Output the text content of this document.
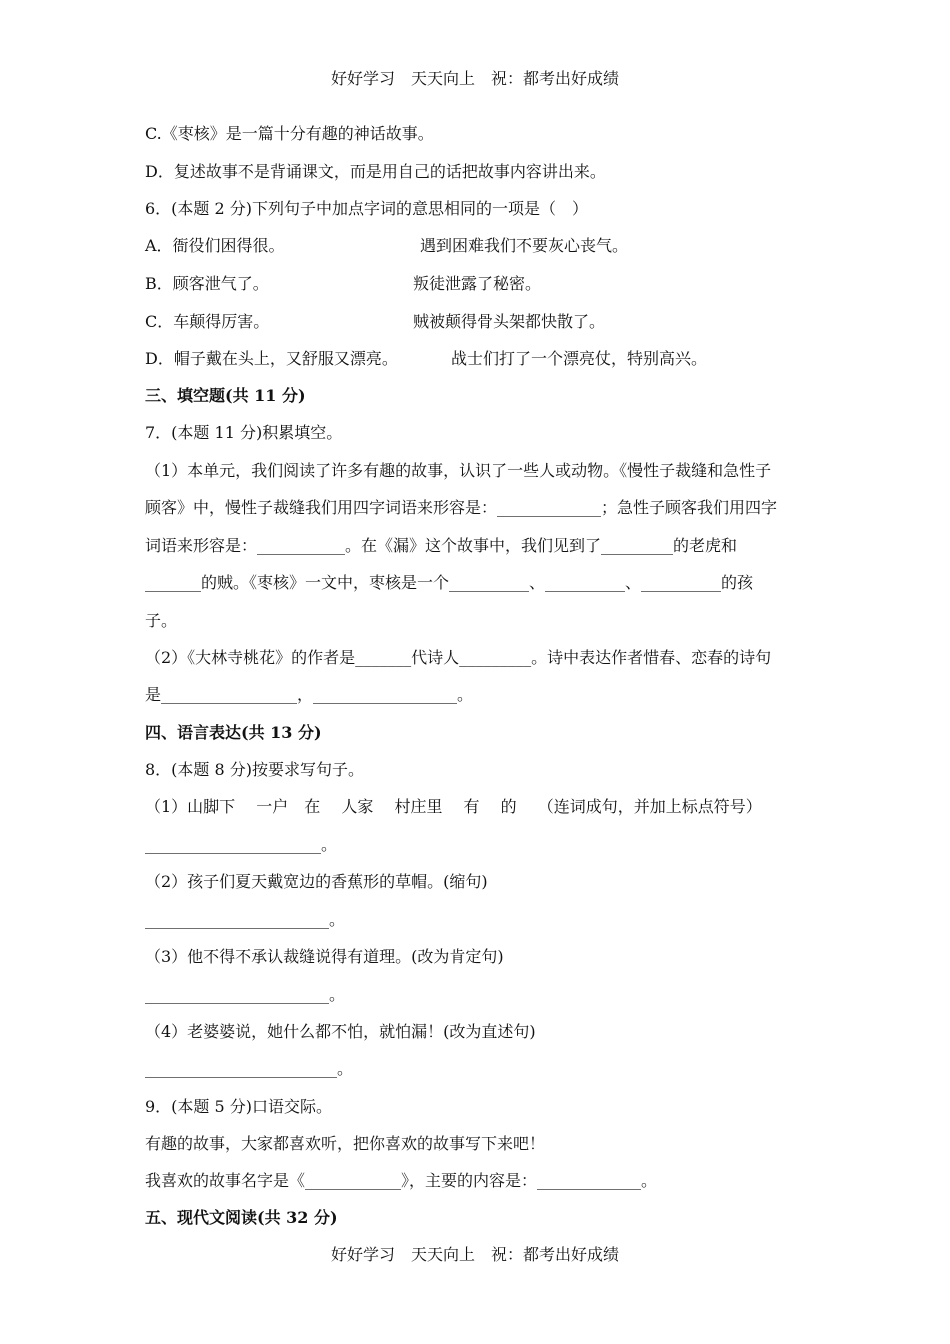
好好学习　天天向上　祝：都考出好成绩
C.《枣核》是一篇十分有趣的神话故事。
D．复述故事不是背诵课文，而是用自己的话把故事内容讲出来。
6．(本题 2 分)下列句子中加点字词的意思相同的一项是（　）
A．衙役们困得很。	遇到困难我们不要灰心丧气。
B．顾客泄气了。	叛徒泄露了秘密。
C．车颠得厉害。	贼被颠得骨头架都快散了。
D．帽子戴在头上，又舒服又漂亮。	战士们打了一个漂亮仗，特别高兴。
三、填空题(共 11 分)
7．(本题 11 分)积累填空。
（1）本单元，我们阅读了许多有趣的故事，认识了一些人或动物。《慢性子裁缝和急性子
顾客》中，慢性子裁缝我们用四字词语来形容是：_____________；急性子顾客我们用四字
词语来形容是：___________。在《漏》这个故事中，我们见到了_________的老虎和
_______的贼。《枣核》一文中，枣核是一个__________、__________、__________的孩
子。
（2）《大林寺桃花》的作者是_______代诗人_________。诗中表达作者惜春、恋春的诗句
是_________________，__________________。
四、语言表达(共 13 分)
8．(本题 8 分)按要求写句子。
（1）山脚下　 一户　在　 人家　 村庄里　 有　 的　 （连词成句，并加上标点符号）
______________________。
（2）孩子们夏天戴宽边的香蕉形的草帽。(缩句)
_______________________。
（3）他不得不承认裁缝说得有道理。(改为肯定句)
_______________________。
（4）老婆婆说，她什么都不怕，就怕漏！(改为直述句)
________________________。
9．(本题 5 分)口语交际。
有趣的故事，大家都喜欢听，把你喜欢的故事写下来吧！
我喜欢的故事名字是《____________》，主要的内容是：_____________。
五、现代文阅读(共 32 分)
好好学习　天天向上　祝：都考出好成绩
